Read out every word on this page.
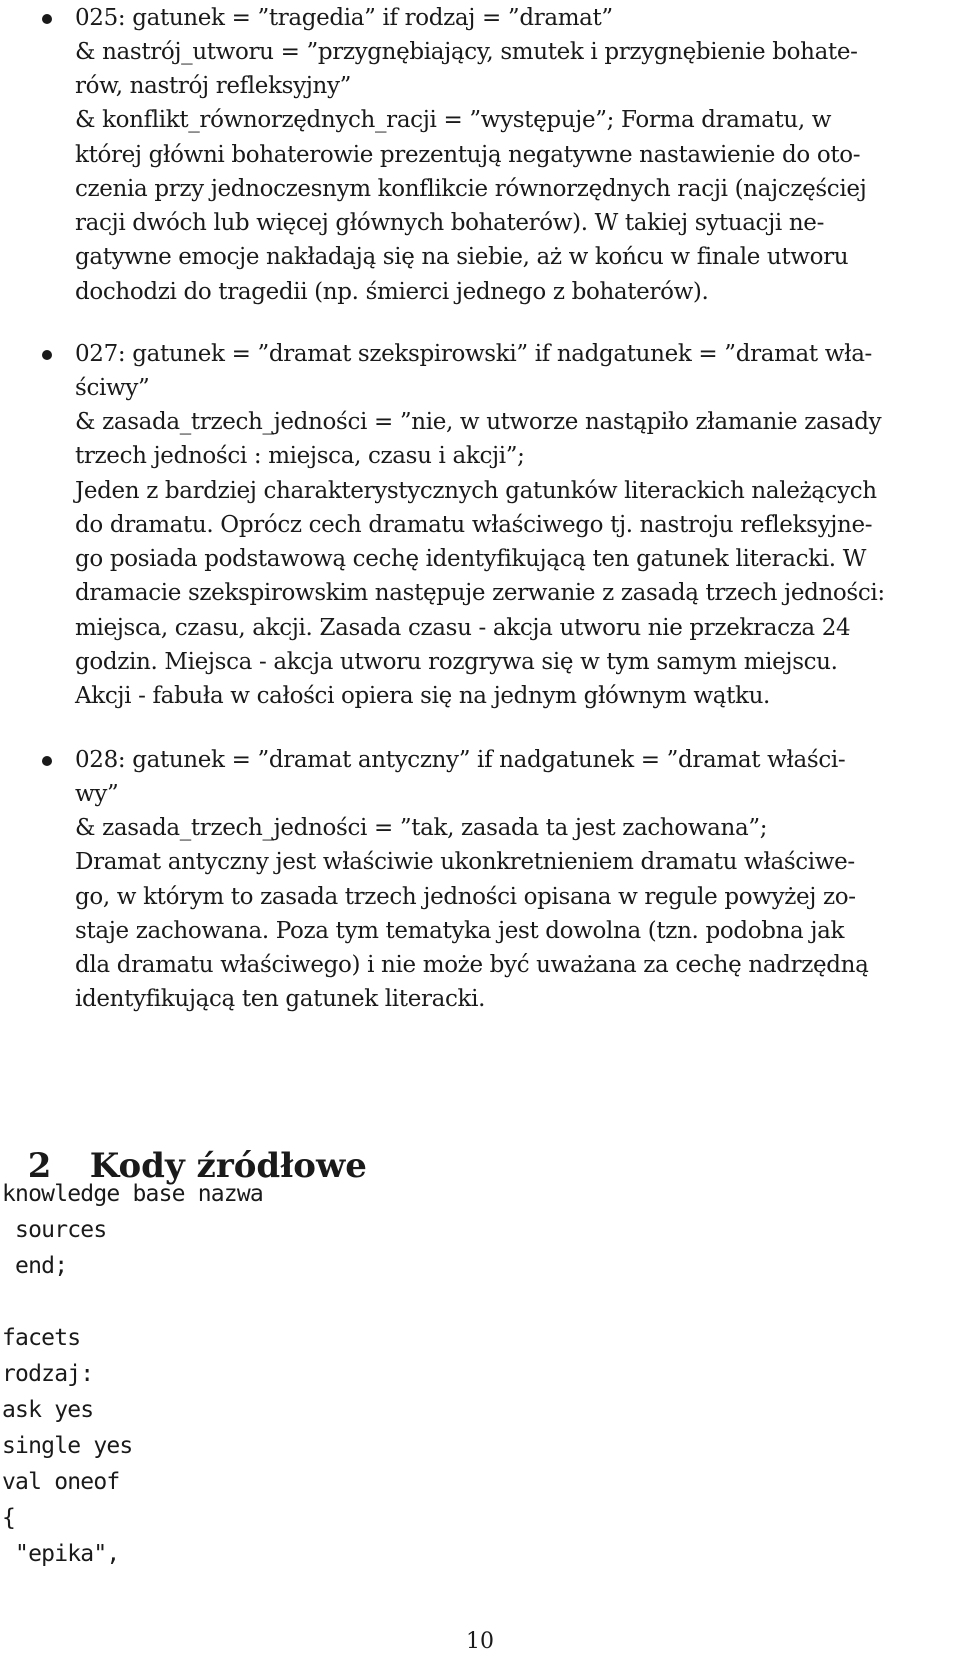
025: gatunek = ”tragedia” if rodzaj = ”dramat”
& nastrój_utworu = ”przygnębiający, smutek i przygnębienie bohate-
rów, nastrój refleksyjny”
& konflikt_równorzędnych_racji = ”występuje”; Forma dramatu, w
której główni bohaterowie prezentują negatywne nastawienie do oto-
czenia przy jednoczesnym konflikcie równorzędnych racji (najczęściej
racji dwóch lub więcej głównych bohaterów). W takiej sytuacji ne-
gatywne emocje nakładają się na siebie, aż w końcu w finale utworu
dochodzi do tragedii (np. śmierci jednego z bohaterów).
027: gatunek = ”dramat szekspirowski” if nadgatunek = ”dramat wła-
ściwy”
& zasada_trzech_jedności = ”nie, w utworze nastąpiło złamanie zasady
trzech jedności : miejsca, czasu i akcji”;
Jeden z bardziej charakterystycznych gatunków literackich należących
do dramatu. Oprócz cech dramatu właściwego tj. nastroju refleksyjne-
go posiada podstawową cechę identyfikującą ten gatunek literacki. W
dramacie szekspirowskim następuje zerwanie z zasadą trzech jedności:
miejsca, czasu, akcji. Zasada czasu - akcja utworu nie przekracza 24
godzin. Miejsca - akcja utworu rozgrywa się w tym samym miejscu.
Akcji - fabuła w całości opiera się na jednym głównym wątku.
028: gatunek = ”dramat antyczny” if nadgatunek = ”dramat właści-
wy”
& zasada_trzech_jedności = ”tak, zasada ta jest zachowana”;
Dramat antyczny jest właściwie ukonkretnieniem dramatu właściwe-
go, w którym to zasada trzech jedności opisana w regule powyżej zo-
staje zachowana. Poza tym tematyka jest dowolna (tzn. podobna jak
dla dramatu właściwego) i nie może być uważana za cechę nadrzędną
identyfikującą ten gatunek literacki.

2 Kody źródłowe

knowledge base nazwa
sources
end;
facets
rodzaj:
ask yes
single yes
val oneof
{
"epika",
10
